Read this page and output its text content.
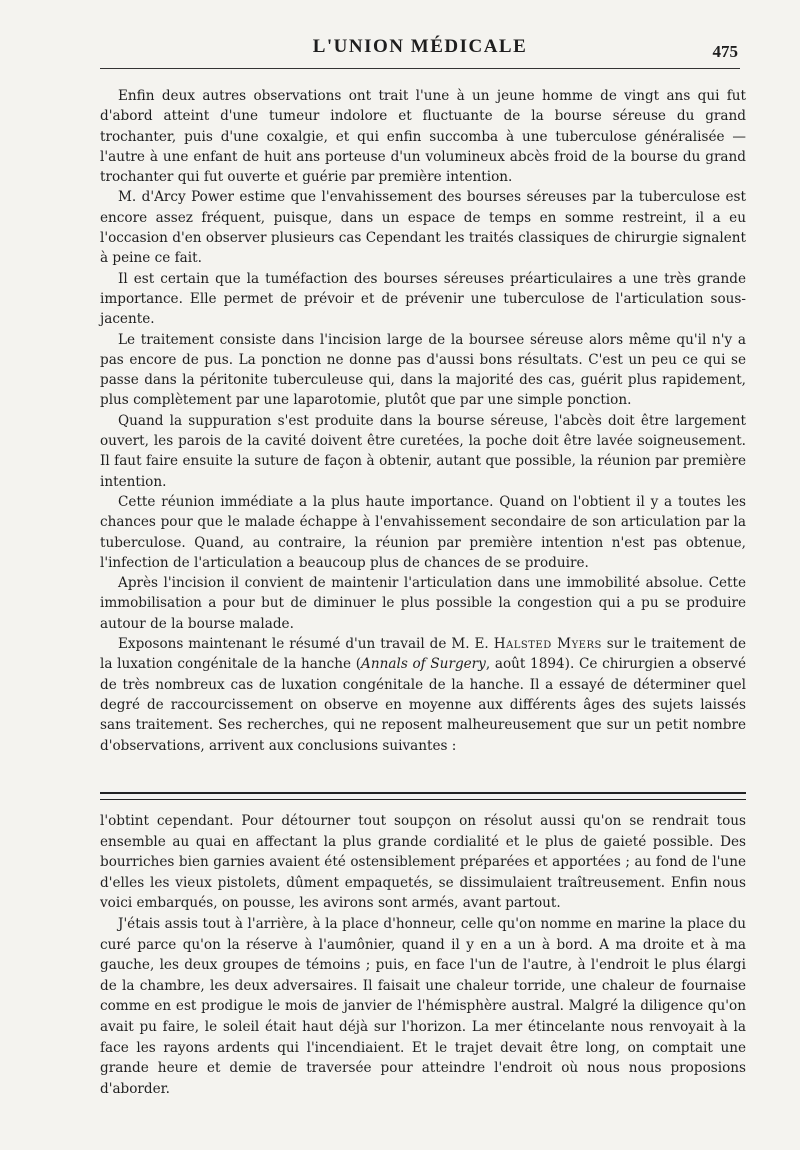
L'UNION MÉDICALE	475

Enfin deux autres observations ont trait l'une à un jeune homme de vingt ans qui fut d'abord atteint d'une tumeur indolore et fluctuante de la bourse séreuse du grand trochanter, puis d'une coxalgie, et qui enfin succomba à une tuberculose généralisée — l'autre à une enfant de huit ans porteuse d'un volumineux abcès froid de la bourse du grand trochanter qui fut ouverte et guérie par première intention.

M. d'Arcy Power estime que l'envahissement des bourses séreuses par la tuberculose est encore assez fréquent, puisque, dans un espace de temps en somme restreint, il a eu l'occasion d'en observer plusieurs cas Cependant les traités classiques de chirurgie signalent à peine ce fait.

Il est certain que la tuméfaction des bourses séreuses préarticulaires a une très grande importance. Elle permet de prévoir et de prévenir une tuberculose de l'articulation sous-jacente.

Le traitement consiste dans l'incision large de la boursee séreuse alors même qu'il n'y a pas encore de pus. La ponction ne donne pas d'aussi bons résultats. C'est un peu ce qui se passe dans la péritonite tuberculeuse qui, dans la majorité des cas, guérit plus rapidement, plus complètement par une laparotomie, plutôt que par une simple ponction.

Quand la suppuration s'est produite dans la bourse séreuse, l'abcès doit être largement ouvert, les parois de la cavité doivent être curetées, la poche doit être lavée soigneusement. Il faut faire ensuite la suture de façon à obtenir, autant que possible, la réunion par première intention.

Cette réunion immédiate a la plus haute importance. Quand on l'obtient il y a toutes les chances pour que le malade échappe à l'envahissement secondaire de son articulation par la tuberculose. Quand, au contraire, la réunion par première intention n'est pas obtenue, l'infection de l'articulation a beaucoup plus de chances de se produire.

Après l'incision il convient de maintenir l'articulation dans une immobilité absolue. Cette immobilisation a pour but de diminuer le plus possible la congestion qui a pu se produire autour de la bourse malade.

Exposons maintenant le résumé d'un travail de M. E. Halsted Myers sur le traitement de la luxation congénitale de la hanche (Annals of Surgery, août 1894). Ce chirurgien a observé de très nombreux cas de luxation congénitale de la hanche. Il a essayé de déterminer quel degré de raccourcissement on observe en moyenne aux différents âges des sujets laissés sans traitement. Ses recherches, qui ne reposent malheureusement que sur un petit nombre d'observations, arrivent aux conclusions suivantes :

l'obtint cependant. Pour détourner tout soupçon on résolut aussi qu'on se rendrait tous ensemble au quai en affectant la plus grande cordialité et le plus de gaieté possible. Des bourriches bien garnies avaient été ostensiblement préparées et apportées ; au fond de l'une d'elles les vieux pistolets, dûment empaquetés, se dissimulaient traîtreusement. Enfin nous voici embarqués, on pousse, les avirons sont armés, avant partout.

J'étais assis tout à l'arrière, à la place d'honneur, celle qu'on nomme en marine la place du curé parce qu'on la réserve à l'aumônier, quand il y en a un à bord. A ma droite et à ma gauche, les deux groupes de témoins ; puis, en face l'un de l'autre, à l'endroit le plus élargi de la chambre, les deux adversaires. Il faisait une chaleur torride, une chaleur de fournaise comme en est prodigue le mois de janvier de l'hémisphère austral. Malgré la diligence qu'on avait pu faire, le soleil était haut déjà sur l'horizon. La mer étincelante nous renvoyait à la face les rayons ardents qui l'incendiaient. Et le trajet devait être long, on comptait une grande heure et demie de traversée pour atteindre l'endroit où nous nous proposions d'aborder.
